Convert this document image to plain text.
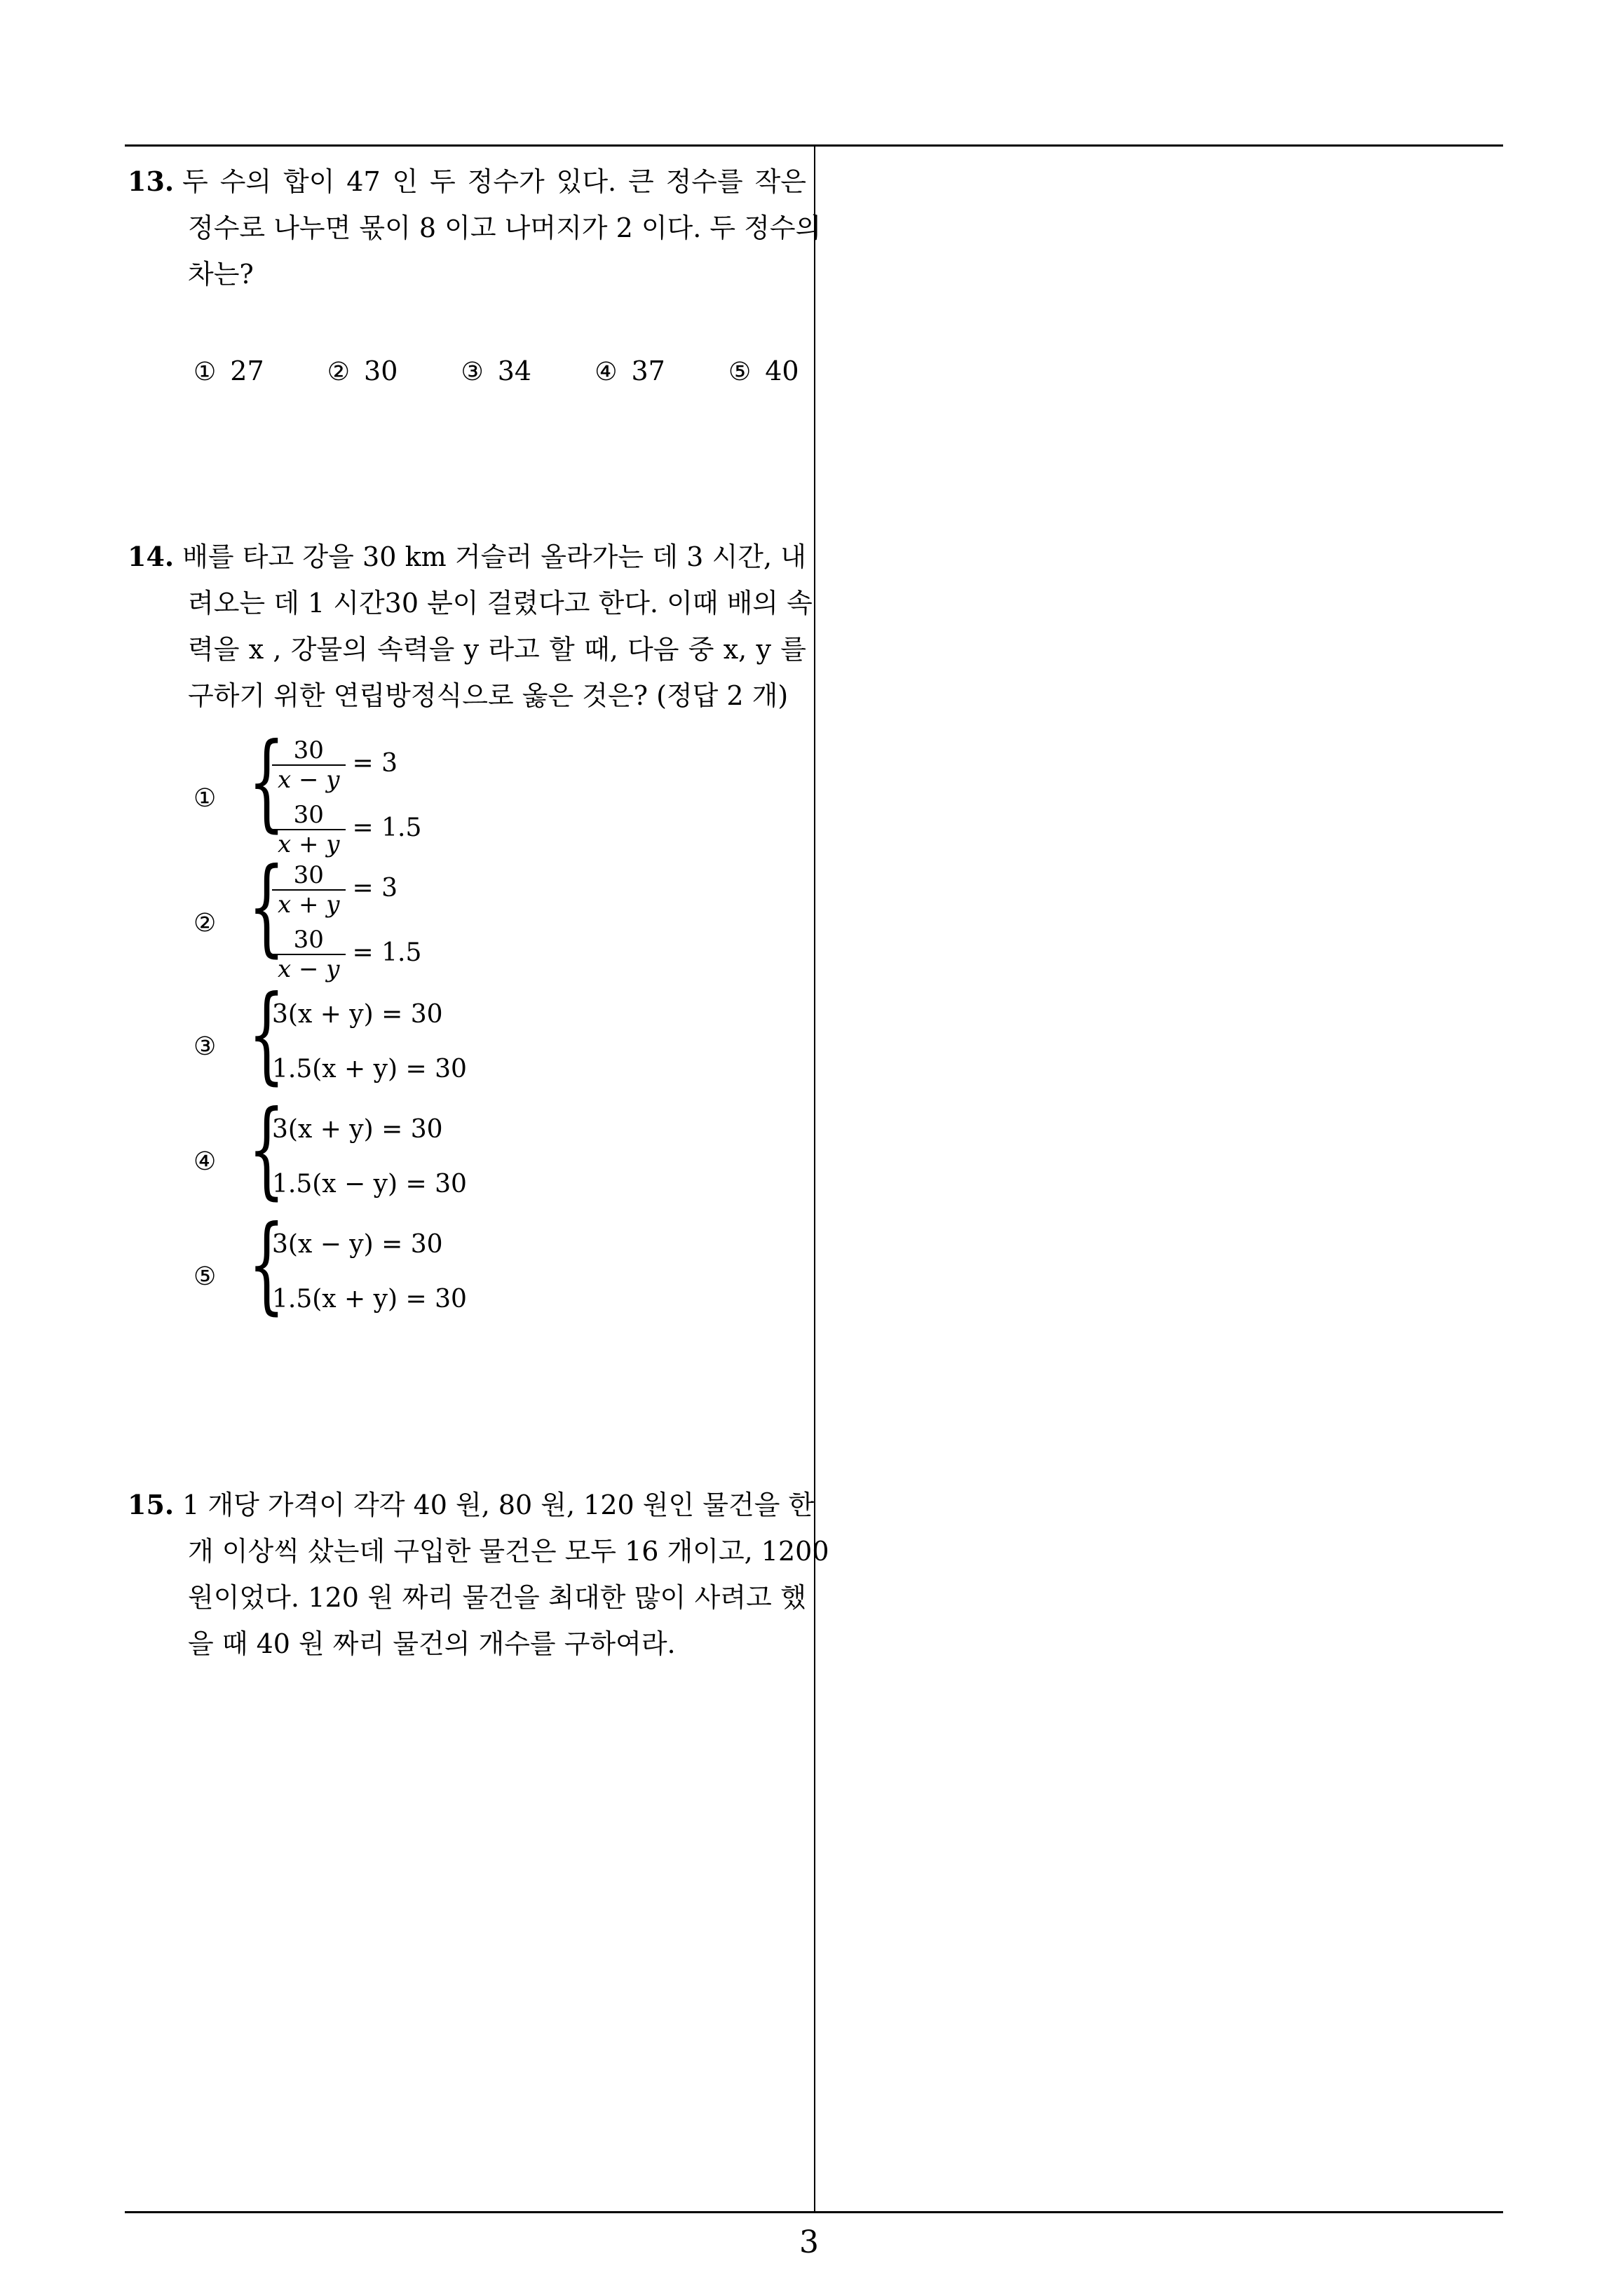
13. 두 수의 합이 47 인 두 정수가 있다. 큰 정수를 작은
정수로 나누면 몫이 8 이고 나머지가 2 이다. 두 정수의
차는?
① 27	② 30	③ 34	④ 37	⑤ 40
14. 배를 타고 강을 30 km 거슬러 올라가는 데 3 시간, 내
려오는 데 1 시간30 분이 걸렸다고 한다. 이때 배의 속
력을 x , 강물의 속력을 y 라고 할 때, 다음 중 x, y 를
구하기 위한 연립방정식으로 옳은 것은? (정답 2 개)
① {
$\frac{30}{x - y} = 3$
$\frac{30}{x + y} = 1.5$
② {
$\frac{30}{x + y} = 3$
$\frac{30}{x - y} = 1.5$
③ {
3(x + y) = 30
1.5(x + y) = 30
④ {
3(x + y) = 30
1.5(x − y) = 30
⑤ {
3(x − y) = 30
1.5(x + y) = 30
15. 1 개당 가격이 각각 40 원, 80 원, 120 원인 물건을 한
개 이상씩 샀는데 구입한 물건은 모두 16 개이고, 1200
원이었다. 120 원 짜리 물건을 최대한 많이 사려고 했
을 때 40 원 짜리 물건의 개수를 구하여라.
3
